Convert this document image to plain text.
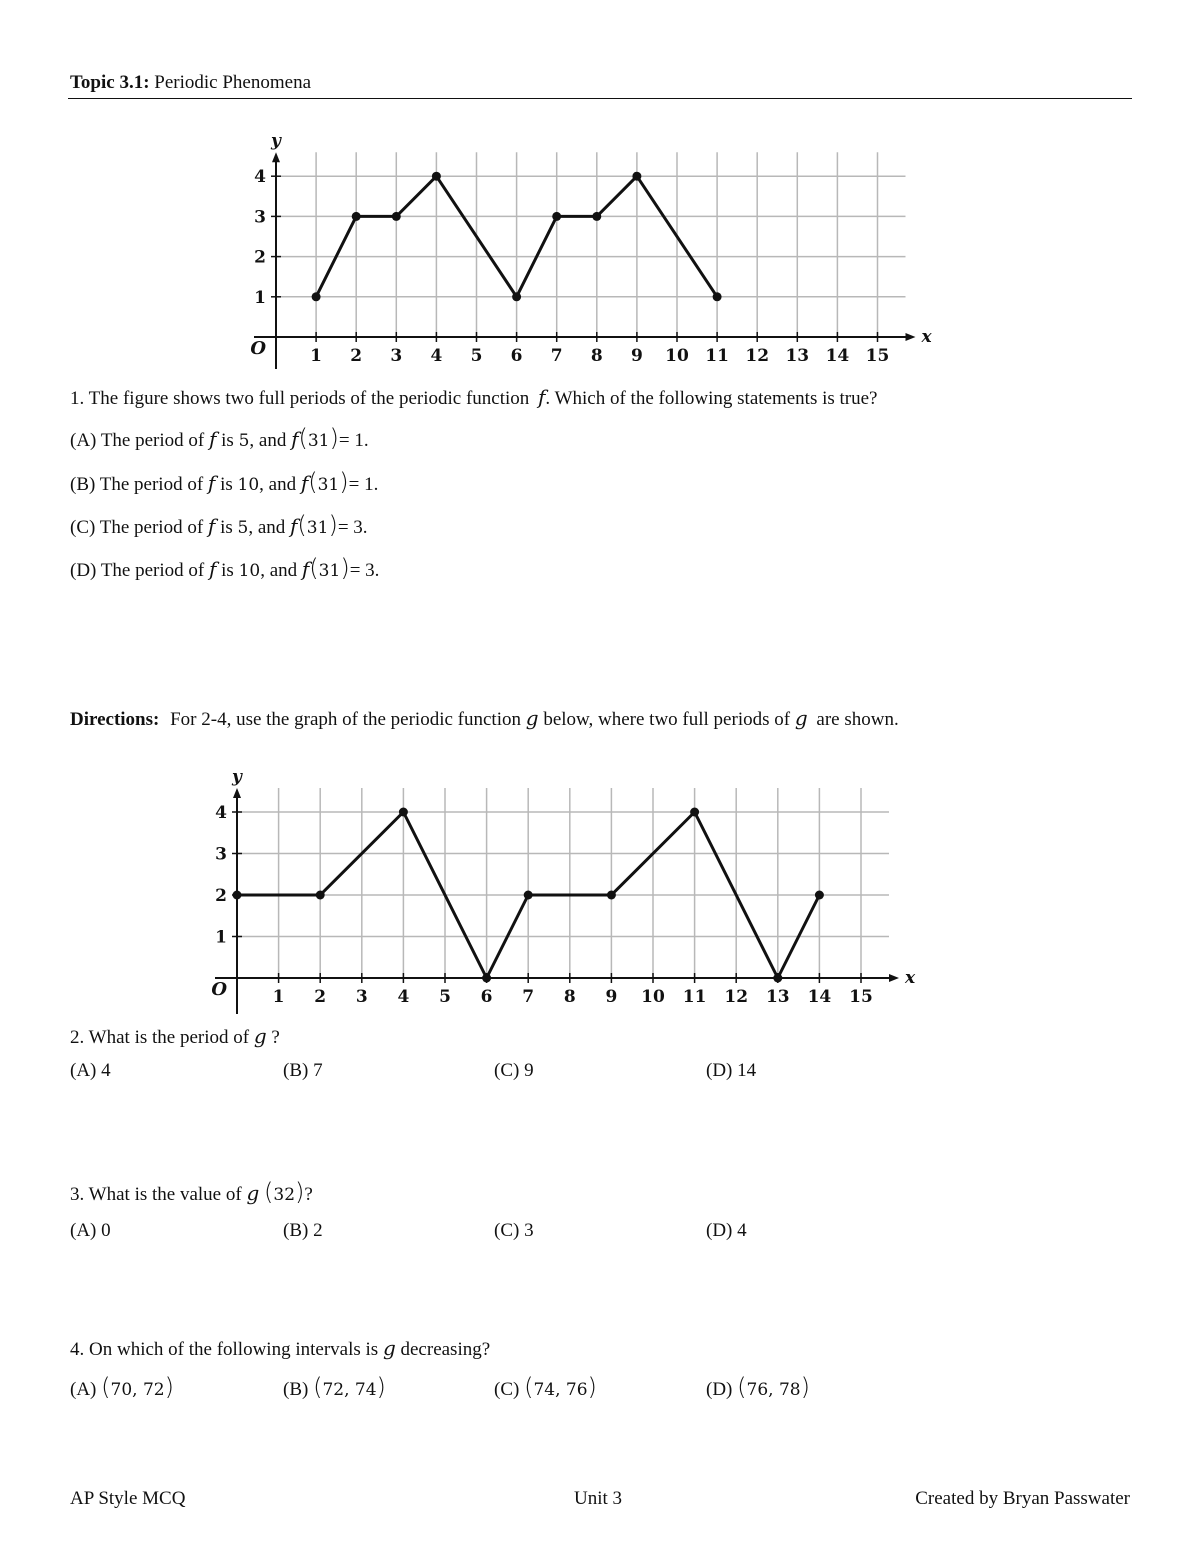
Topic 3.1: Periodic Phenomena
1 2 3 4 5 6 7 8 9 10 11 12 13 14 15
1
2
3
4
O
x
y
1 2 3 4 5 6 7 8 9 10 11 12 13 14 15
1
2
3
4
O
x
y
1. The figure shows two full periods of the periodic function f. Which of the following statements is true?
(A) The period of f is 5, and f(31)= 1.
(B) The period of f is 10, and f(31)= 1.
(C) The period of f is 5, and f(31)= 3.
(D) The period of f is 10, and f(31)= 3.
Directions: For 2-4, use the graph of the periodic function g below, where two full periods of g are shown.
2. What is the period of g ?
(A) 4	(B) 7	(C) 9	(D) 14
3. What is the value of g (32)?
(A) 0	(B) 2	(C) 3	(D) 4
4. On which of the following intervals is g decreasing?
(A) (70, 72)	(B) (72, 74)	(C) (74, 76)	(D) (76, 78)
AP Style MCQ	Unit 3	Created by Bryan Passwater
